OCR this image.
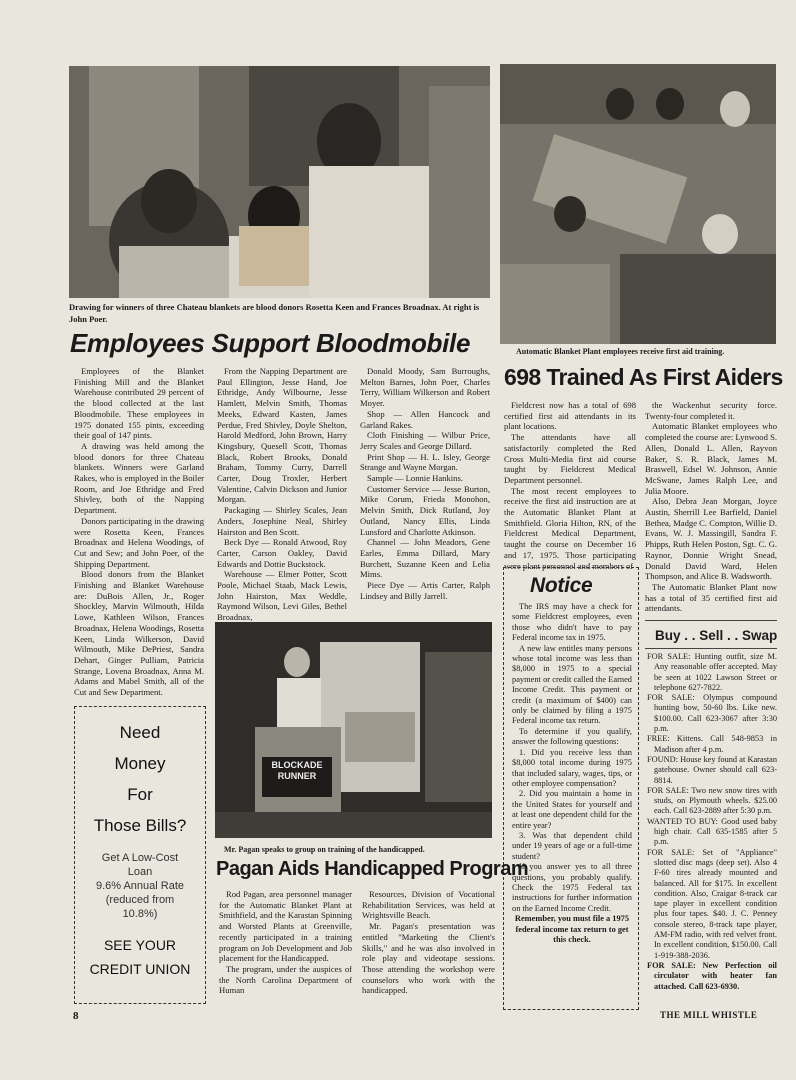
Drawing for winners of three Chateau blankets are blood donors Rosetta Keen and Frances Broadnax. At right is John Poer.
Automatic Blanket Plant employees receive first aid training.
Employees Support Bloodmobile

Employees of the Blanket Finishing Mill and the Blanket Warehouse contributed 29 percent of the blood collected at the last Bloodmobile. These employees in 1975 donated 155 pints, exceeding their goal of 147 pints.

A drawing was held among the blood donors for three Chateau blankets. Winners were Garland Rakes, who is employed in the Boiler Room, and Joe Ethridge and Fred Shivley, both of the Napping Department.

Donors participating in the drawing were Rosetta Keen, Frances Broadnax and Helena Woodings, of Cut and Sew; and John Poer, of the Shipping Department.

Blood donors from the Blanket Finishing and Blanket Warehouse are: DuBois Allen, Jr., Roger Shockley, Marvin Wilmouth, Hilda Lowe, Kathleen Wilson, Frances Broadnax, Helena Woodings, Rosetta Keen, Linda Wilkerson, David Wilmouth, Mike DePriest, Sandra Dehart, Ginger Pulliam, Patricia Strange, Lovena Broadnax, Anna M. Adams and Mabel Smith, all of the Cut and Sew Department.

From the Napping Department are Paul Ellington, Jesse Hand, Joe Ethridge, Andy Wilbourne, Jesse Hamlett, Melvin Smith, Thomas Meeks, Edward Kasten, James Perdue, Fred Shivley, Doyle Shelton, Harold Medford, John Brown, Harry Kingsbury, Quesell Scott, Thomas Black, Robert Brooks, Donald Braham, Tommy Curry, Darrell Carter, Doug Troxler, Herbert Valentine, Calvin Dickson and Junior Morgan.

Packaging — Shirley Scales, Jean Anders, Josephine Neal, Shirley Hairston and Ben Scott.

Beck Dye — Ronald Atwood, Roy Carter, Carson Oakley, David Edwards and Dottie Buckstock.

Warehouse — Elmer Potter, Scott Poole, Michael Staab, Mack Lewis, John Hairston, Max Weddle, Raymond Wilson, Levi Giles, Bethel Broadnax,

Donald Moody, Sam Burroughs, Melton Barnes, John Poer, Charles Terry, William Wilkerson and Robert Moyer.

Shop — Allen Hancock and Garland Rakes.

Cloth Finishing — Wilbur Price, Jerry Scales and George Dillard.

Print Shop — H. L. Isley, George Strange and Wayne Morgan.

Sample — Lonnie Hankins.

Customer Service — Jesse Burton, Mike Corum, Frieda Monohon, Melvin Smith, Dick Rutland, Joy Outland, Nancy Ellis, Linda Lunsford and Charlotte Atkinson.

Channel — John Meadors, Gene Earles, Emma Dillard, Mary Burchett, Suzanne Keen and Lelia Mims.

Piece Dye — Artis Carter, Ralph Lindsey and Billy Jarrell.

698 Trained As First Aiders

Fieldcrest now has a total of 698 certified first aid attendants in its plant locations.

The attendants have all satisfactorily completed the Red Cross Multi-Media first aid course taught by Fieldcrest Medical Department personnel.

The most recent employees to receive the first aid instruction are at the Automatic Blanket Plant at Smithfield. Gloria Hilton, RN, of the Fieldcrest Medical Department, taught the course on December 16 and 17, 1975. Those participating were plant personnel and members of

the Wackenhut security force. Twenty-four completed it.

Automatic Blanket employees who completed the course are: Lynwood S. Allen, Donald L. Allen, Rayvon Baker, S. R. Black, James M. Braswell, Edsel W. Johnson, Annie McSwane, James Ralph Lee, and Julia Moore.

Also, Debra Jean Morgan, Joyce Austin, Sherrill Lee Barfield, Daniel Bethea, Madge C. Compton, Willie D. Evans, W. J. Massingill, Sandra F. Phipps, Ruth Helen Poston, Sgt. C. G. Raynor, Donnie Wright Snead, Donald David Ward, Helen Thompson, and Alice B. Wadsworth.

The Automatic Blanket Plant now has a total of 35 certified first aid attendants.

Notice

The IRS may have a check for some Fieldcrest employees, even those who didn't have to pay Federal income tax in 1975.

A new law entitles many persons whose total income was less than $8,000 in 1975 to a special payment or credit called the Earned Income Credit. This payment or credit (a maximum of $400) can only be claimed by filing a 1975 Federal income tax return.

To determine if you qualify, answer the following questions:

1. Did you receive less than $8,000 total income during 1975 that included salary, wages, tips, or other employee compensation?

2. Did you maintain a home in the United States for yourself and at least one dependent child for the entire year?

3. Was that dependent child under 19 years of age or a full-time student?

If you answer yes to all three questions, you probably qualify. Check the 1975 Federal tax instructions for further information on the Earned Income Credit.

Remember, you must file a 1975 federal income tax return to get this check.

BLOCKADE RUNNER
Mr. Pagan speaks to group on training of the handicapped.
Pagan Aids Handicapped Program

Rod Pagan, area personnel manager for the Automatic Blanket Plant at Smithfield, and the Karastan Spinning and Worsted Plants at Greenville, recently participated in a training program on Job Development and Job placement for the Handicapped.

The program, under the auspices of the North Carolina Department of Human

Resources, Division of Vocational Rehabilitation Services, was held at Wrightsville Beach.

Mr. Pagan's presentation was entitled "Marketing the Client's Skills," and he was also involved in role play and videotape sessions. Those attending the workshop were counselors who work with the handicapped.

Need
Money
For
Those Bills?
Get A Low-Cost
Loan
9.6% Annual Rate
(reduced from
10.8%)
SEE YOUR
CREDIT UNION
Buy . . Sell . . Swap

FOR SALE: Hunting outfit, size M. Any reasonable offer accepted. May be seen at 1022 Lawson Street or telephone 627-7822.

FOR SALE: Olympus compound hunting bow, 50-60 lbs. Like new. $100.00. Call 623-3067 after 3:30 p.m.

FREE: Kittens. Call 548-9853 in Madison after 4 p.m.

FOUND: House key found at Karastan gatehouse. Owner should call 623-8814.

FOR SALE: Two new snow tires with studs, on Plymouth wheels. $25.00 each. Call 623-2889 after 5:30 p.m.

WANTED TO BUY: Good used baby high chair. Call 635-1585 after 5 p.m.

FOR SALE: Set of "Appliance" slotted disc mags (deep set). Also 4 F-60 tires already mounted and balanced. All for $175. In excellent condition. Also, Craigar 8-track car tape player in excellent condition plus four tapes. $40. J. C. Penney console stereo, 8-track tape player, AM-FM radio, with red velvet front. In excellent condition, $150.00. Call 1-919-388-2036.

FOR SALE: New Perfection oil circulator with heater fan attached. Call 623-6930.

8	THE MILL WHISTLE
